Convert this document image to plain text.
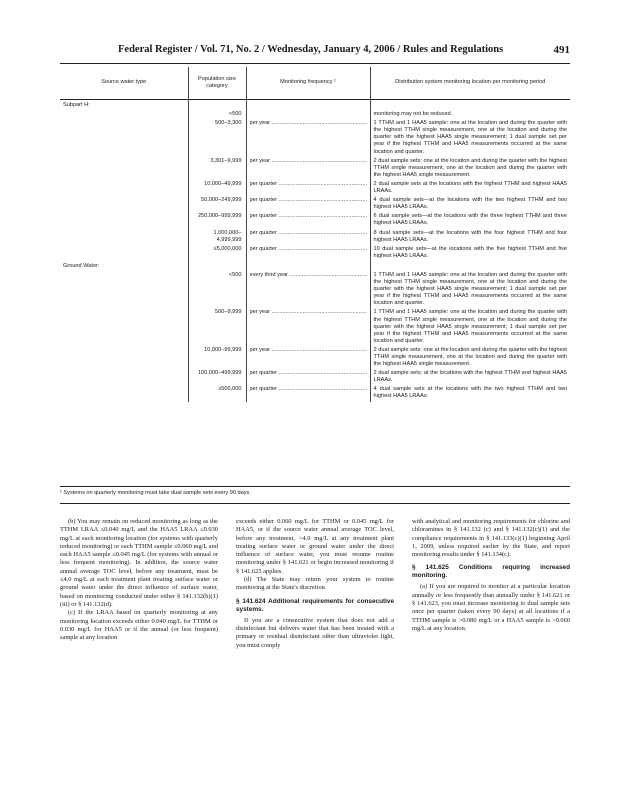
Federal Register / Vol. 71, No. 2 / Wednesday, January 4, 2006 / Rules and Regulations	491
Source water type	Population size category	Monitoring frequency ¹	Distribution system monitoring location per monitoring period
Subpart H:			
	<500		monitoring may not be reduced.
	500–3,300	per year .....	1 TTHM and 1 HAA5 sample: one at the location and during the quarter with the highest TTHM single measurement, one at the location and during the quarter with the highest HAA5 single measurement; 1 dual sample set per year if the highest TTHM and HAA5 measurements occurred at the same location and quarter.
	3,301–9,999	per year .....	2 dual sample sets: one at the location and during the quarter with the highest TTHM single measurement, one at the location and during the quarter with the highest HAA5 single measurement.
	10,000–49,999	per quarter .....	2 dual sample sets at the locations with the highest TTHM and highest HAA5 LRAAs.
	50,000–249,999	per quarter .....	4 dual sample sets—at the locations with the two highest TTHM and two highest HAA5 LRAAs.
	250,000–999,999	per quarter .....	6 dual sample sets—at the locations with the three highest TTHM and three highest HAA5 LRAAs.
	1,000,000–4,999,999	per quarter .....	8 dual sample sets—at the locations with the four highest TTHM and four highest HAA5 LRAAs.
	≥5,000,000	per quarter .....	10 dual sample sets—at the locations with the five highest TTHM and five highest HAA5 LRAAs.
Ground Water:			
	<500	every third year .....	1 TTHM and 1 HAA5 sample: one at the location and during the quarter with the highest TTHM single measurement, one at the location and during the quarter with the highest HAA5 single measurement; 1 dual sample set per year if the highest TTHM and HAA5 measurements occurred at the same location and quarter.
	500–9,999	per year .....	1 TTHM and 1 HAA5 sample: one at the location and during the quarter with the highest TTHM single measurement, one at the location and during the quarter with the highest HAA5 single measurement; 1 dual sample set per year if the highest TTHM and HAA5 measurements occurred at the same location and quarter.
	10,000–99,999	per year .....	2 dual sample sets: one at the location and during the quarter with the highest TTHM single measurement, one at the location and during the quarter with the highest HAA5 single measurement.
	100,000–499,999	per quarter .....	2 dual sample sets; at the locations with the highest TTHM and highest HAA5 LRAAs.
	≥500,000	per quarter .....	4 dual sample sets at the locations with the two highest TTHM and two highest HAA5 LRAAs.
¹ Systems on quarterly monitoring must take dual sample sets every 90 days.

(b) You may remain on reduced monitoring as long as the TTHM LRAA ≤0.040 mg/L and the HAA5 LRAA ≤0.030 mg/L at each monitoring location (for systems with quarterly reduced monitoring) or each TTHM sample ≤0.060 mg/L and each HAA5 sample ≤0.045 mg/L (for systems with annual or less frequent monitoring). In addition, the source water annual average TOC level, before any treatment, must be ≤4.0 mg/L at each treatment plant treating surface water or ground water under the direct influence of surface water, based on monitoring conducted under either § 141.132(b)(1)(iii) or § 141.132(d).

(c) If the LRAA based on quarterly monitoring at any monitoring location exceeds either 0.040 mg/L for TTHM or 0.030 mg/L for HAA5 or if the annual (or less frequent) sample at any location

exceeds either 0.060 mg/L for TTHM or 0.045 mg/L for HAA5, or if the source water annual average TOC level, before any treatment, >4.0 mg/L at any treatment plant treating surface water or ground water under the direct influence of surface water, you must resume routine monitoring under § 141.621 or begin increased monitoring if § 141.625 applies.

(d) The State may return your system to routine monitoring at the State's discretion.

§ 141.624 Additional requirements for consecutive systems.

If you are a consecutive system that does not add a disinfectant but delivers water that has been treated with a primary or residual disinfectant other than ultraviolet light, you must comply

with analytical and monitoring requirements for chlorine and chloramines in § 141.132 (c) and § 141.132(c)(1) and the compliance requirements in § 141.133(c)(1) beginning April 1, 2009, unless required earlier by the State, and report monitoring results under § 141.134(c).

§ 141.625 Conditions requiring increased monitoring.

(a) If you are required to monitor at a particular location annually or less frequently than annually under § 141.621 or § 141.623, you must increase monitoring to dual sample sets once per quarter (taken every 90 days) at all locations if a TTHM sample is >0.080 mg/L or a HAA5 sample is >0.060 mg/L at any location.
